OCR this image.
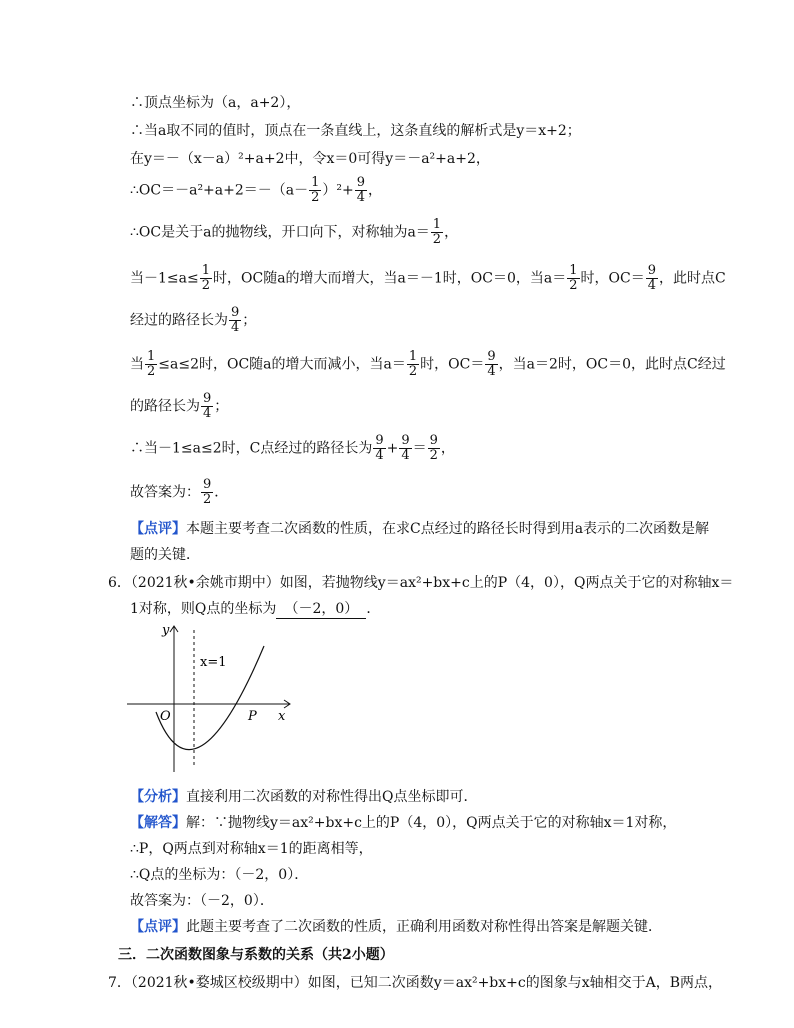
∴顶点坐标为（a，a+2），
∴当a取不同的值时，顶点在一条直线上，这条直线的解析式是y＝x+2；
在y＝－（x－a）²+a+2中，令x＝0可得y＝－a²+a+2，
∴OC＝－a²+a+2＝－（a－ $\frac{1}{2} )^2+ \frac{9}{4}$ ，
∴OC是关于a的抛物线，开口向下，对称轴为$a= \frac{1}{2}$ ，
当$-1\le a\le \frac{1}{2}$ 时，OC随a的增大而增大，当a＝－1时，OC＝0，当$a= \frac{1}{2}$ 时，$OC= \frac{9}{4}$ ，此时点C
经过的路径长为 $\frac{9}{4}$ ；
当 $\frac{1}{2} \le a\le 2$时，OC随a的增大而减小，当$a= \frac{1}{2}$ 时，$OC= \frac{9}{4}$ ，当a＝2时，OC＝0，此时点C经过
的路径长为 $\frac{9}{4}$ ；
∴当－1≤a≤2时，C点经过的路径长为 $\frac{9}{4} + \frac{9}{4} = \frac{9}{2}$ ，
故答案为： $\frac{9}{2}$ ．
【点评】本题主要考查二次函数的性质，在求C点经过的路径长时得到用a表示的二次函数是解
题的关键．
6．（2021秋•余姚市期中）如图，若抛物线y＝ax²+bx+c上的P（4，0），Q两点关于它的对称轴x＝
1对称，则Q点的坐标为 （－2，0） ．
y
x
O	P
x=1
【分析】直接利用二次函数的对称性得出Q点坐标即可．
【解答】解：∵抛物线y＝ax²+bx+c上的P（4，0），Q两点关于它的对称轴x＝1对称，
∴P，Q两点到对称轴x＝1的距离相等，
∴Q点的坐标为：（－2，0）．
故答案为：（－2，0）．
【点评】此题主要考查了二次函数的性质，正确利用函数对称性得出答案是解题关键．
三．二次函数图象与系数的关系（共2小题）
7．（2021秋•婺城区校级期中）如图，已知二次函数y＝ax²+bx+c的图象与x轴相交于A，B两点，
